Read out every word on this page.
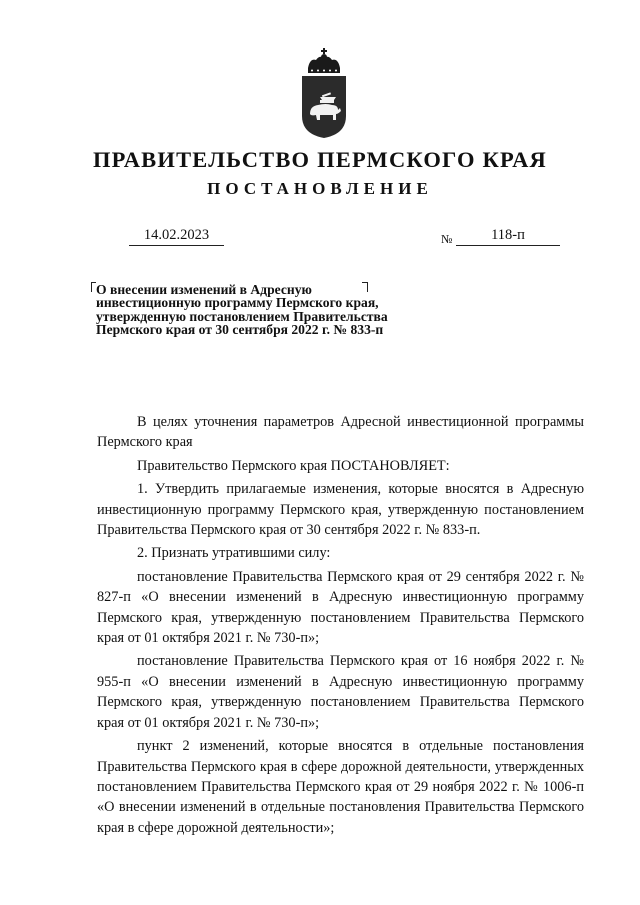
ПРАВИТЕЛЬСТВО ПЕРМСКОГО КРАЯ
ПОСТАНОВЛЕНИЕ
14.02.2023	№	118-п
О внесении изменений в Адресную
инвестиционную программу Пермского края,
утвержденную постановлением Правительства
Пермского края от 30 сентября 2022 г. № 833-п

В целях уточнения параметров Адресной инвестиционной программы Пермского края

Правительство Пермского края ПОСТАНОВЛЯЕТ:

1. Утвердить прилагаемые изменения, которые вносятся в Адресную инвестиционную программу Пермского края, утвержденную постановлением Правительства Пермского края от 30 сентября 2022 г. № 833-п.

2. Признать утратившими силу:

постановление Правительства Пермского края от 29 сентября 2022 г. № 827-п «О внесении изменений в Адресную инвестиционную программу Пермского края, утвержденную постановлением Правительства Пермского края от 01 октября 2021 г. № 730-п»;

постановление Правительства Пермского края от 16 ноября 2022 г. № 955-п «О внесении изменений в Адресную инвестиционную программу Пермского края, утвержденную постановлением Правительства Пермского края от 01 октября 2021 г. № 730-п»;

пункт 2 изменений, которые вносятся в отдельные постановления Правительства Пермского края в сфере дорожной деятельности, утвержденных постановлением Правительства Пермского края от 29 ноября 2022 г. № 1006-п «О внесении изменений в отдельные постановления Правительства Пермского края в сфере дорожной деятельности»;
